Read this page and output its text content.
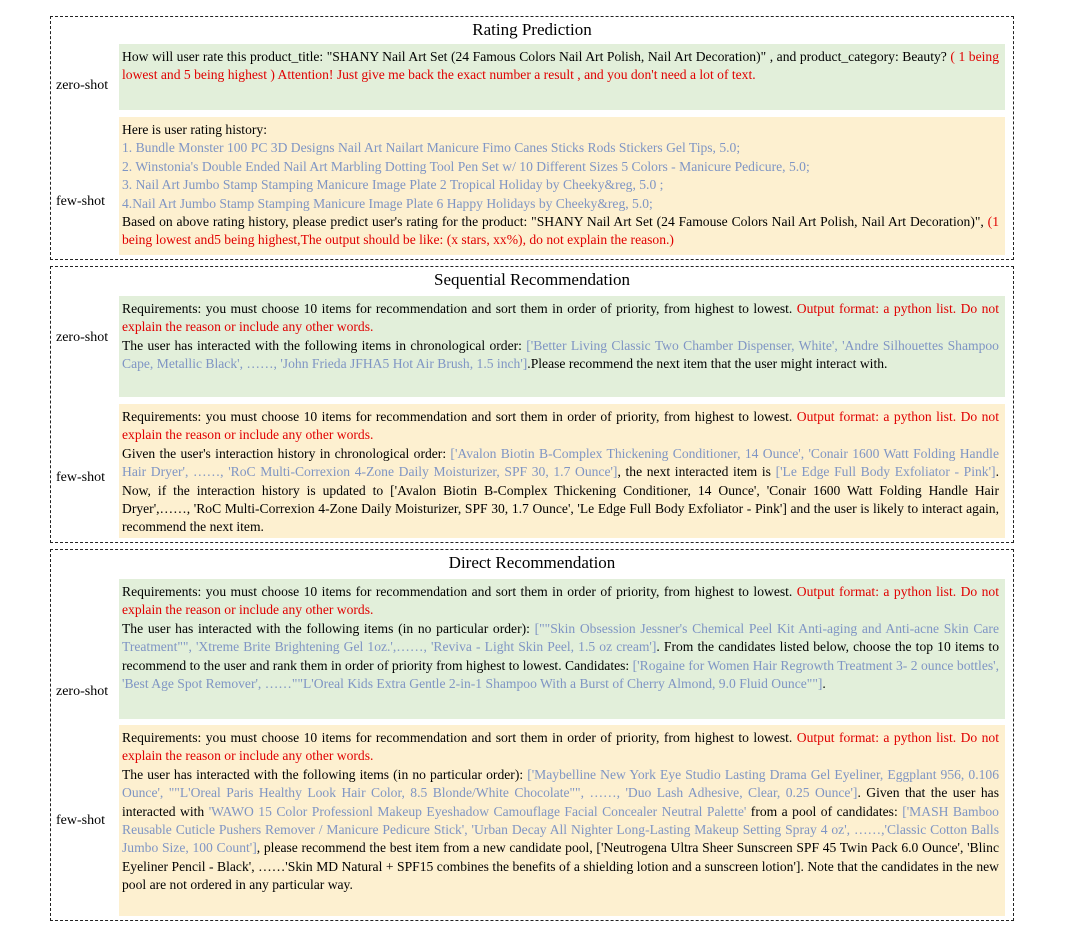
Rating Prediction
zero-shot
How will user rate this product_title: "SHANY Nail Art Set (24 Famous Colors Nail Art Polish, Nail Art Decoration)" , and product_category: Beauty? ( 1 being lowest and 5 being highest ) Attention! Just give me back the exact number a result , and you don't need a lot of text.
few-shot
Here is user rating history:
1. Bundle Monster 100 PC 3D Designs Nail Art Nailart Manicure Fimo Canes Sticks Rods Stickers Gel Tips, 5.0;
2. Winstonia's Double Ended Nail Art Marbling Dotting Tool Pen Set w/ 10 Different Sizes 5 Colors - Manicure Pedicure, 5.0;
3. Nail Art Jumbo Stamp Stamping Manicure Image Plate 2 Tropical Holiday by Cheeky&reg, 5.0 ;
4.Nail Art Jumbo Stamp Stamping Manicure Image Plate 6 Happy Holidays by Cheeky&reg, 5.0;
Based on above rating history, please predict user's rating for the product: "SHANY Nail Art Set (24 Famouse Colors Nail Art Polish, Nail Art Decoration)", (1 being lowest and5 being highest,The output should be like: (x stars, xx%), do not explain the reason.)
Sequential Recommendation
zero-shot
Requirements: you must choose 10 items for recommendation and sort them in order of priority, from highest to lowest. Output format: a python list. Do not explain the reason or include any other words.
The user has interacted with the following items in chronological order: ['Better Living Classic Two Chamber Dispenser, White', 'Andre Silhouettes Shampoo Cape, Metallic Black', ……, 'John Frieda JFHA5 Hot Air Brush, 1.5 inch'].Please recommend the next item that the user might interact with.
few-shot
Requirements: you must choose 10 items for recommendation and sort them in order of priority, from highest to lowest. Output format: a python list. Do not explain the reason or include any other words.
Given the user's interaction history in chronological order: ['Avalon Biotin B-Complex Thickening Conditioner, 14 Ounce', 'Conair 1600 Watt Folding Handle Hair Dryer', ……, 'RoC Multi-Correxion 4-Zone Daily Moisturizer, SPF 30, 1.7 Ounce'], the next interacted item is ['Le Edge Full Body Exfoliator - Pink']. Now, if the interaction history is updated to ['Avalon Biotin B-Complex Thickening Conditioner, 14 Ounce', 'Conair 1600 Watt Folding Handle Hair Dryer',……, 'RoC Multi-Correxion 4-Zone Daily Moisturizer, SPF 30, 1.7 Ounce', 'Le Edge Full Body Exfoliator - Pink'] and the user is likely to interact again, recommend the next item.
Direct Recommendation
zero-shot
Requirements: you must choose 10 items for recommendation and sort them in order of priority, from highest to lowest. Output format: a python list. Do not explain the reason or include any other words.
The user has interacted with the following items (in no particular order): [""Skin Obsession Jessner's Chemical Peel Kit Anti-aging and Anti-acne Skin Care Treatment"", 'Xtreme Brite Brightening Gel 1oz.',……, 'Reviva - Light Skin Peel, 1.5 oz cream']. From the candidates listed below, choose the top 10 items to recommend to the user and rank them in order of priority from highest to lowest. Candidates: ['Rogaine for Women Hair Regrowth Treatment 3- 2 ounce bottles', 'Best Age Spot Remover', ……""L'Oreal Kids Extra Gentle 2-in-1 Shampoo With a Burst of Cherry Almond, 9.0 Fluid Ounce""].
few-shot
Requirements: you must choose 10 items for recommendation and sort them in order of priority, from highest to lowest. Output format: a python list. Do not explain the reason or include any other words.
The user has interacted with the following items (in no particular order): ['Maybelline New York Eye Studio Lasting Drama Gel Eyeliner, Eggplant 956, 0.106 Ounce', ""L'Oreal Paris Healthy Look Hair Color, 8.5 Blonde/White Chocolate"", ……, 'Duo Lash Adhesive, Clear, 0.25 Ounce']. Given that the user has interacted with 'WAWO 15 Color Professionl Makeup Eyeshadow Camouflage Facial Concealer Neutral Palette' from a pool of candidates: ['MASH Bamboo Reusable Cuticle Pushers Remover / Manicure Pedicure Stick', 'Urban Decay All Nighter Long-Lasting Makeup Setting Spray 4 oz', ……,'Classic Cotton Balls Jumbo Size, 100 Count'], please recommend the best item from a new candidate pool, ['Neutrogena Ultra Sheer Sunscreen SPF 45 Twin Pack 6.0 Ounce', 'Blinc Eyeliner Pencil - Black', ……'Skin MD Natural + SPF15 combines the benefits of a shielding lotion and a sunscreen lotion']. Note that the candidates in the new pool are not ordered in any particular way.
